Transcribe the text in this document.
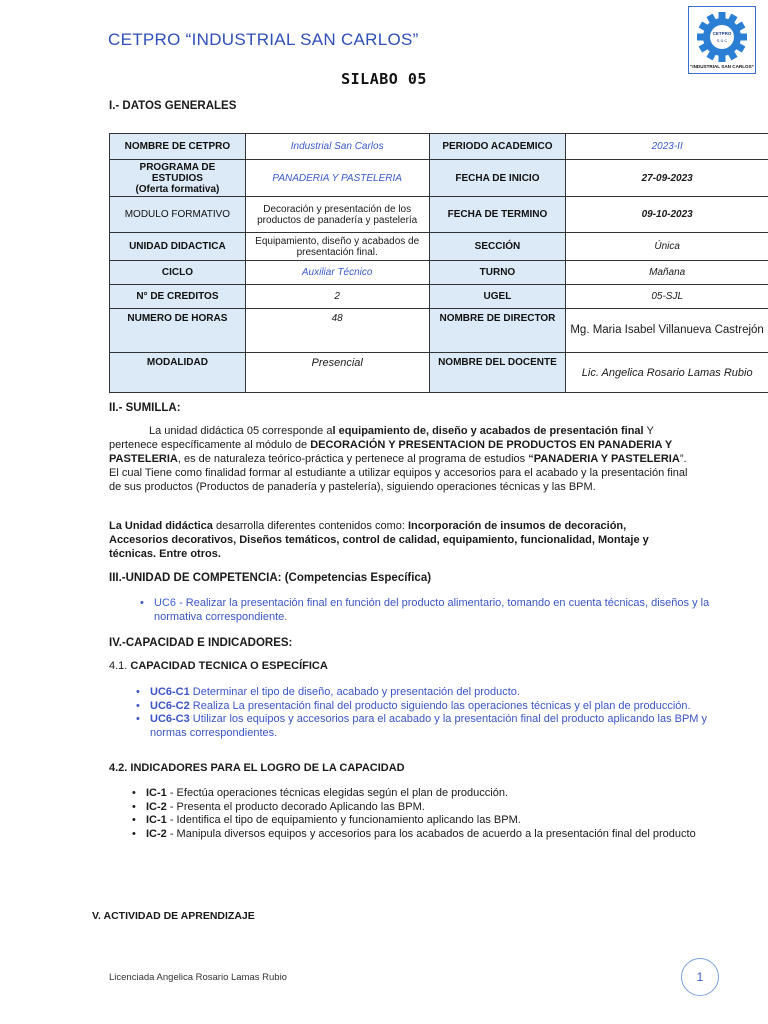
CETPRO “INDUSTRIAL SAN CARLOS”	CETPRO
S.S.C
“INDUSTRIAL SAN CARLOS”
SILABO 05
I.- DATOS GENERALES
NOMBRE DE CETPRO	Industrial San Carlos	PERIODO ACADEMICO	2023-II
PROGRAMA DE
ESTUDIOS
(Oferta formativa)	PANADERIA Y PASTELERIA	FECHA DE INICIO	27-09-2023
MODULO FORMATIVO	Decoración y presentación de los productos de panadería y pastelería	FECHA DE TERMINO	09-10-2023
UNIDAD DIDACTICA	Equipamiento, diseño y acabados de presentación final.	SECCIÓN	Única
CICLO	Auxiliar Técnico	TURNO	Mañana
N° DE CREDITOS	2	UGEL	05-SJL
NUMERO DE HORAS	48	NOMBRE DE DIRECTOR	Mg. Maria Isabel Villanueva Castrejón
MODALIDAD	Presencial	NOMBRE DEL DOCENTE	Lic. Angelica Rosario Lamas Rubio
II.- SUMILLA:
La unidad didáctica 05 corresponde al equipamiento de, diseño y acabados de presentación final Y pertenece específicamente al módulo de DECORACIÓN Y PRESENTACION DE PRODUCTOS EN PANADERIA Y PASTELERIA, es de naturaleza teórico-práctica y pertenece al programa de estudios “PANADERIA Y PASTELERIA”. El cual Tiene como finalidad formar al estudiante a utilizar equipos y accesorios para el acabado y la presentación final de sus productos (Productos de panadería y pastelería), siguiendo operaciones técnicas y las BPM.
La Unidad didáctica desarrolla diferentes contenidos como: Incorporación de insumos de decoración, Accesorios decorativos, Diseños temáticos, control de calidad, equipamiento, funcionalidad, Montaje y técnicas. Entre otros.
III.-UNIDAD DE COMPETENCIA: (Competencias Específica)
• UC6 - Realizar la presentación final en función del producto alimentario, tomando en cuenta técnicas, diseños y la normativa correspondiente.
IV.-CAPACIDAD E INDICADORES:
4.1. CAPACIDAD TECNICA O ESPECÍFICA
• UC6-C1 Determinar el tipo de diseño, acabado y presentación del producto.
• UC6-C2 Realiza La presentación final del producto siguiendo las operaciones técnicas y el plan de producción.
• UC6-C3 Utilizar los equipos y accesorios para el acabado y la presentación final del producto aplicando las BPM y normas correspondientes.
4.2. INDICADORES PARA EL LOGRO DE LA CAPACIDAD
• IC-1 - Efectúa operaciones técnicas elegidas según el plan de producción.
• IC-2 - Presenta el producto decorado Aplicando las BPM.
• IC-1 - Identifica el tipo de equipamiento y funcionamiento aplicando las BPM.
• IC-2 - Manipula diversos equipos y accesorios para los acabados de acuerdo a la presentación final del producto
V. ACTIVIDAD DE APRENDIZAJE
Licenciada Angelica Rosario Lamas Rubio	1
